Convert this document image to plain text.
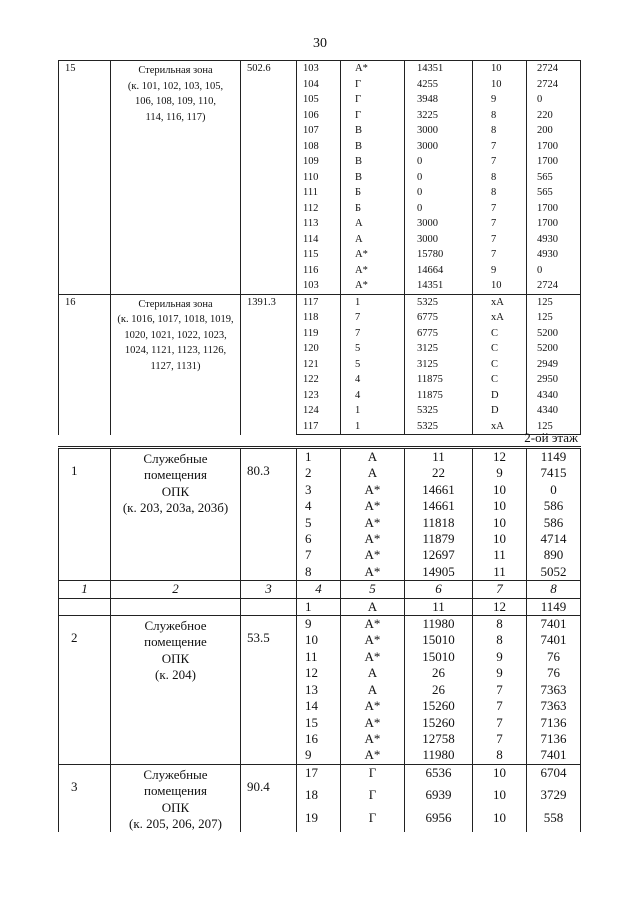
30
15	Стерильная зона
(к. 101, 102, 103, 105,
106, 108, 109, 110,
114, 116, 117)	502.6	103	А*	14351	10	2724
			104	Г	4255	10	2724
			105	Г	3948	9	0
			106	Г	3225	8	220
			107	В	3000	8	200
			108	В	3000	7	1700
			109	В	0	7	1700
			110	В	0	8	565
			111	Б	0	8	565
			112	Б	0	7	1700
			113	А	3000	7	1700
			114	А	3000	7	4930
			115	А*	15780	7	4930
			116	А*	14664	9	0
			103	А*	14351	10	2724
16	Стерильная зона
(к. 1016, 1017, 1018, 1019,
1020, 1021, 1022, 1023,
1024, 1121, 1123, 1126,
1127, 1131)	1391.3	117	1	5325	хА	125
			118	7	6775	хА	125
			119	7	6775	С	5200
			120	5	3125	С	5200
			121	5	3125	С	2949
			122	4	11875	С	2950
			123	4	11875	D	4340
			124	1	5325	D	4340
			117	1	5325	хА	125
2-ой этаж
1	Служебные
помещения
ОПК
(к. 203, 203а, 203б)	80.3	1	А	11	12	1149
			2	А	22	9	7415
			3	А*	14661	10	0
			4	А*	14661	10	586
			5	А*	11818	10	586
			6	А*	11879	10	4714
			7	А*	12697	11	890
			8	А*	14905	11	5052
1	2	3	4	5	6	7	8
			1	А	11	12	1149
2	Служебное
помещение
ОПК
(к. 204)	53.5	9	А*	11980	8	7401
			10	А*	15010	8	7401
			11	А*	15010	9	76
			12	А	26	9	76
			13	А	26	7	7363
			14	А*	15260	7	7363
			15	А*	15260	7	7136
			16	А*	12758	7	7136
			9	А*	11980	8	7401
3	Служебные
помещения
ОПК
(к. 205, 206, 207)	90.4	17	Г	6536	10	6704
			18	Г	6939	10	3729
			19	Г	6956	10	558
